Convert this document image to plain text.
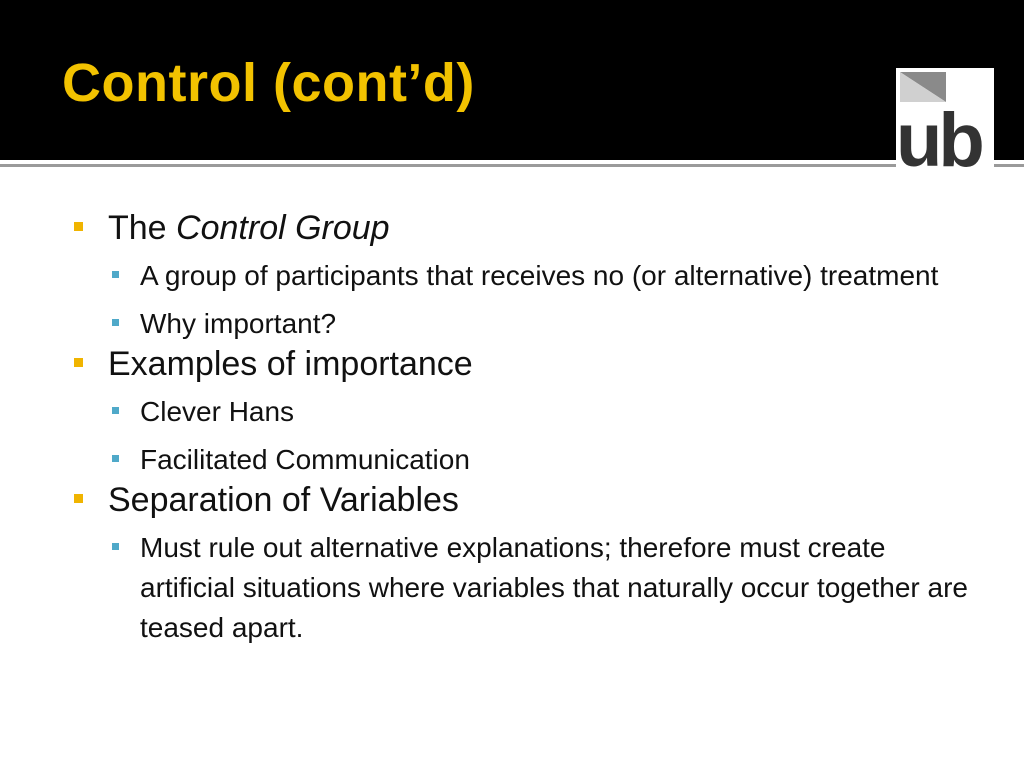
Control (cont’d)
ub

The Control Group

A group of participants that receives no (or alternative) treatment

Why important?

Examples of importance

Clever Hans

Facilitated Communication

Separation of Variables

Must rule out alternative explanations; therefore must create artificial situations where variables that naturally occur together are teased apart.
